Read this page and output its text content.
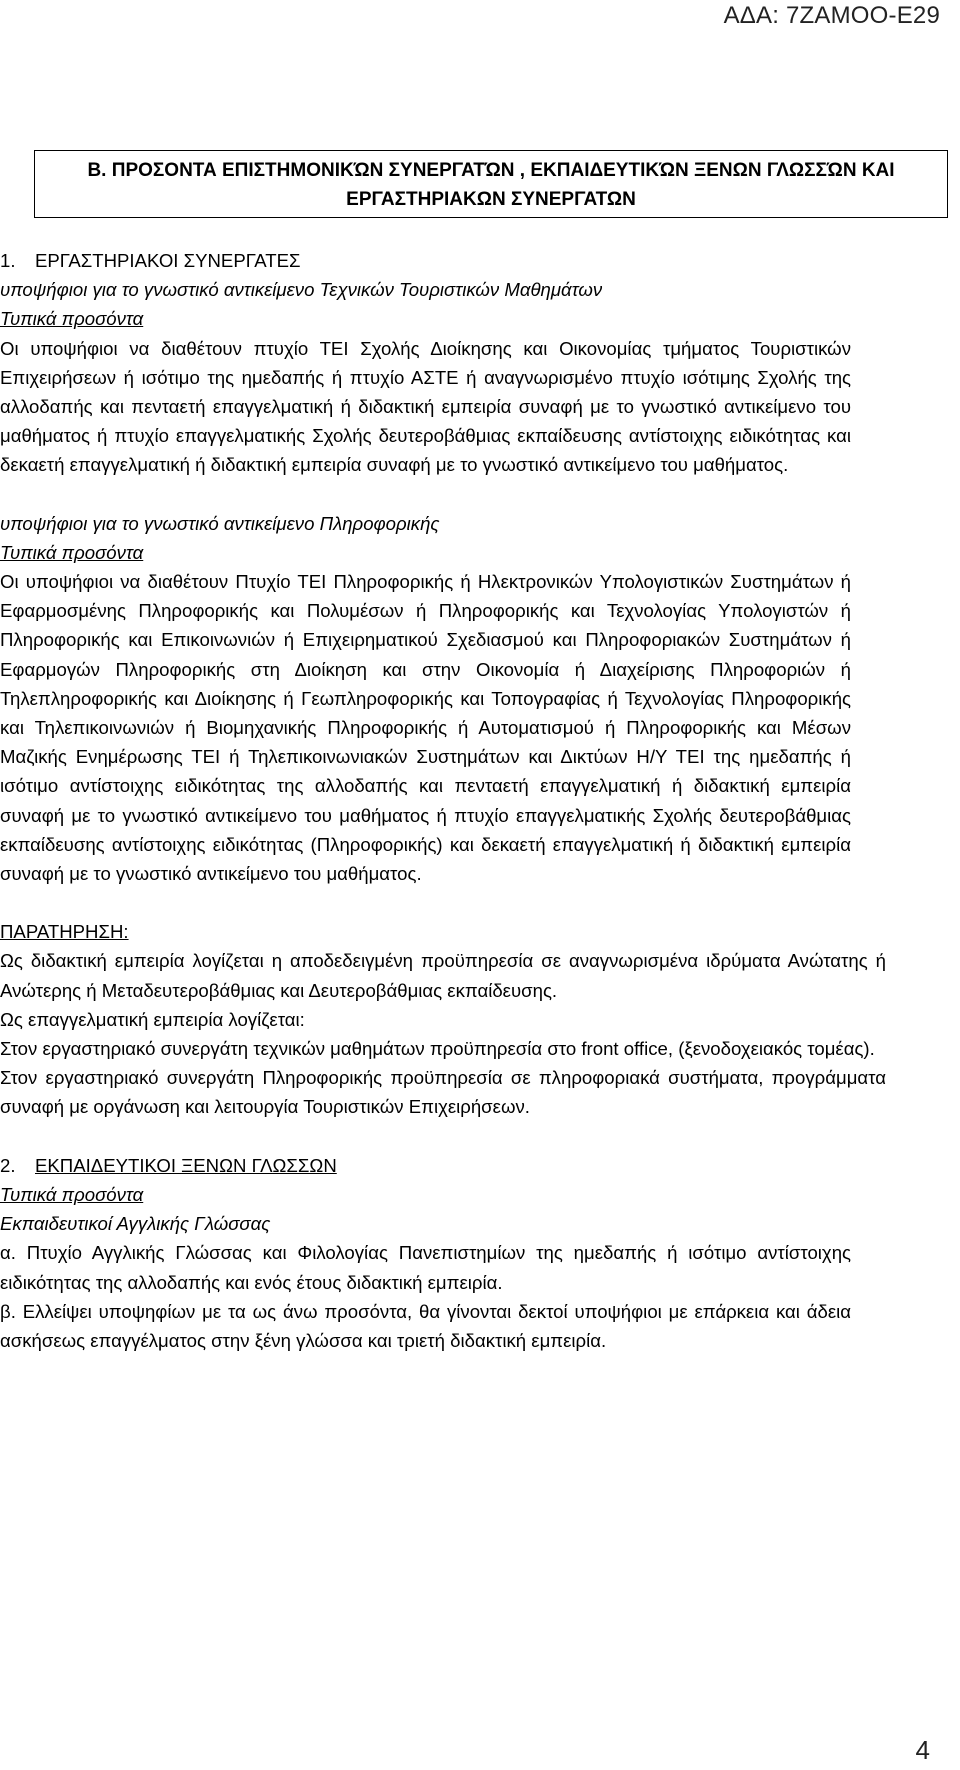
ΑΔΑ: 7ΖΑΜΟΟ-Ε29
Β. ΠΡΟΣΟΝΤΑ ΕΠΙΣΤΗΜΟΝΙΚΏΝ ΣΥΝΕΡΓΑΤΏΝ , ΕΚΠΑΙΔΕΥΤΙΚΏΝ ΞΕΝΩΝ ΓΛΩΣΣΏΝ ΚΑΙ
ΕΡΓΑΣΤΗΡΙΑΚΩΝ ΣΥΝΕΡΓΑΤΩΝ
1.	ΕΡΓΑΣΤΗΡΙΑΚΟΙ ΣΥΝΕΡΓΑΤΕΣ
υποψήφιοι για το γνωστικό αντικείμενο Τεχνικών Τουριστικών Μαθημάτων
Τυπικά προσόντα

Οι υποψήφιοι να διαθέτουν πτυχίο ΤΕΙ Σχολής Διοίκησης και Οικονομίας τμήματος Τουριστικών Επιχειρήσεων ή ισότιμο της ημεδαπής ή πτυχίο ΑΣΤΕ ή αναγνωρισμένο πτυχίο ισότιμης Σχολής της αλλοδαπής και πενταετή επαγγελματική ή διδακτική εμπειρία συναφή με το γνωστικό αντικείμενο του μαθήματος ή πτυχίο επαγγελματικής Σχολής δευτεροβάθμιας εκπαίδευσης αντίστοιχης ειδικότητας και δεκαετή επαγγελματική ή διδακτική εμπειρία συναφή με το γνωστικό αντικείμενο του μαθήματος.

υποψήφιοι για το γνωστικό αντικείμενο Πληροφορικής
Τυπικά προσόντα

Οι υποψήφιοι να διαθέτουν Πτυχίο ΤΕΙ Πληροφορικής ή Ηλεκτρονικών Υπολογιστικών Συστημάτων ή Εφαρμοσμένης Πληροφορικής και Πολυμέσων ή Πληροφορικής και Τεχνολογίας Υπολογιστών ή Πληροφορικής και Επικοινωνιών ή Επιχειρηματικού Σχεδιασμού και Πληροφοριακών Συστημάτων ή Εφαρμογών Πληροφορικής στη Διοίκηση και στην Οικονομία ή Διαχείρισης Πληροφοριών ή Τηλεπληροφορικής και Διοίκησης ή Γεωπληροφορικής και Τοπογραφίας ή Τεχνολογίας Πληροφορικής και Τηλεπικοινωνιών ή Βιομηχανικής Πληροφορικής ή Αυτοματισμού ή Πληροφορικής και Μέσων Μαζικής Ενημέρωσης ΤΕΙ ή Τηλεπικοινωνιακών Συστημάτων και Δικτύων Η/Υ ΤΕΙ της ημεδαπής ή ισότιμο αντίστοιχης ειδικότητας της αλλοδαπής και πενταετή επαγγελματική ή διδακτική εμπειρία συναφή με το γνωστικό αντικείμενο του μαθήματος ή πτυχίο επαγγελματικής Σχολής δευτεροβάθμιας εκπαίδευσης αντίστοιχης ειδικότητας (Πληροφορικής) και δεκαετή επαγγελματική ή διδακτική εμπειρία συναφή με το γνωστικό αντικείμενο του μαθήματος.

ΠΑΡΑΤΗΡΗΣΗ:
Ως διδακτική εμπειρία λογίζεται η αποδεδειγμένη προϋπηρεσία σε αναγνωρισμένα ιδρύματα Ανώτατης ή Ανώτερης ή Μεταδευτεροβάθμιας και Δευτεροβάθμιας εκπαίδευσης.
Ως επαγγελματική εμπειρία λογίζεται:

Στον εργαστηριακό συνεργάτη τεχνικών μαθημάτων προϋπηρεσία στο front office, (ξενοδοχειακός τομέας).

Στον εργαστηριακό συνεργάτη Πληροφορικής προϋπηρεσία σε πληροφοριακά συστήματα, προγράμματα συναφή με οργάνωση και λειτουργία Τουριστικών Επιχειρήσεων.

2.	ΕΚΠΑΙΔΕΥΤΙΚΟΙ ΞΕΝΩΝ ΓΛΩΣΣΩΝ
Τυπικά προσόντα
Εκπαιδευτικοί Αγγλικής Γλώσσας

α. Πτυχίο Αγγλικής Γλώσσας και Φιλολογίας Πανεπιστημίων της ημεδαπής ή ισότιμο αντίστοιχης ειδικότητας της αλλοδαπής και ενός έτους διδακτική εμπειρία.

β. Ελλείψει υποψηφίων με τα ως άνω προσόντα, θα γίνονται δεκτοί υποψήφιοι με επάρκεια και άδεια ασκήσεως επαγγέλματος στην ξένη γλώσσα και τριετή διδακτική εμπειρία.

4
